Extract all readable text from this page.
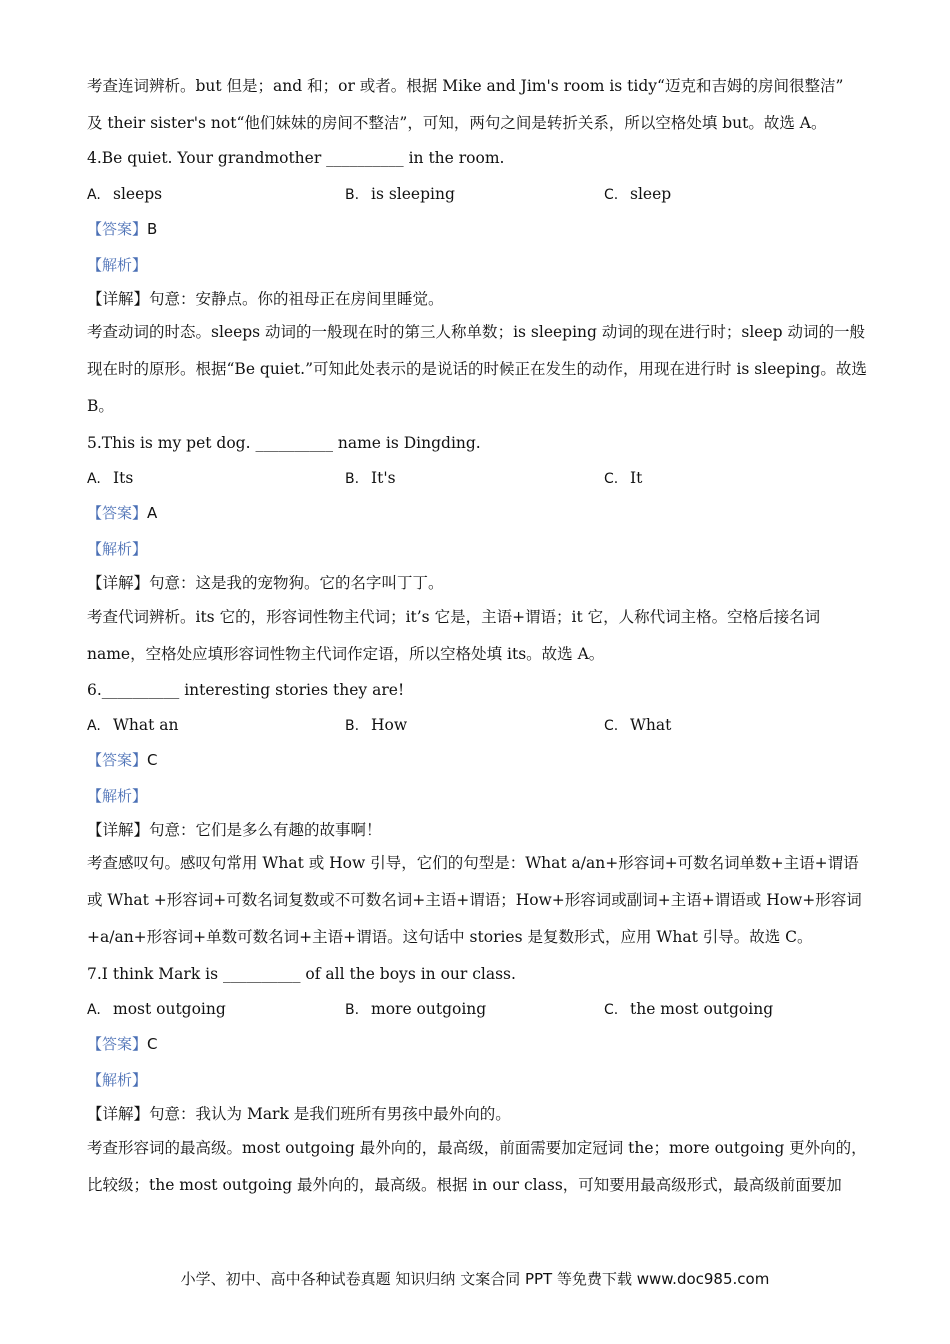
考查连词辨析。but 但是；and 和；or 或者。根据 Mike and Jim's room is tidy“迈克和吉姆的房间很整洁”
及 their sister's not“他们妹妹的房间不整洁”，可知，两句之间是转折关系，所以空格处填 but。故选 A。
4.Be quiet. Your grandmother __________ in the room.
A. sleeps	B. is sleeping	C. sleep
【答案】B
【解析】
【详解】句意：安静点。你的祖母正在房间里睡觉。
考查动词的时态。sleeps 动词的一般现在时的第三人称单数；is sleeping 动词的现在进行时；sleep 动词的一般现在时的原形。根据“Be quiet.”可知此处表示的是说话的时候正在发生的动作，用现在进行时 is sleeping。故选 B。
5.This is my pet dog. __________ name is Dingding.
A. Its	B. It's	C. It
【答案】A
【解析】
【详解】句意：这是我的宠物狗。它的名字叫丁丁。
考查代词辨析。its 它的，形容词性物主代词；it’s 它是，主语+谓语；it 它，人称代词主格。空格后接名词 name，空格处应填形容词性物主代词作定语，所以空格处填 its。故选 A。
6.__________ interesting stories they are!
A. What an	B. How	C. What
【答案】C
【解析】
【详解】句意：它们是多么有趣的故事啊！
考查感叹句。感叹句常用 What 或 How 引导，它们的句型是：What a/an+形容词+可数名词单数+主语+谓语或 What +形容词+可数名词复数或不可数名词+主语+谓语；How+形容词或副词+主语+谓语或 How+形容词+a/an+形容词+单数可数名词+主语+谓语。这句话中 stories 是复数形式，应用 What 引导。故选 C。
7.I think Mark is __________ of all the boys in our class.
A. most outgoing	B. more outgoing	C. the most outgoing
【答案】C
【解析】
【详解】句意：我认为 Mark 是我们班所有男孩中最外向的。
考查形容词的最高级。most outgoing 最外向的，最高级，前面需要加定冠词 the；more outgoing 更外向的，比较级；the most outgoing 最外向的，最高级。根据 in our class，可知要用最高级形式，最高级前面要加
小学、初中、高中各种试卷真题 知识归纳 文案合同 PPT 等免费下载 www.doc985.com
